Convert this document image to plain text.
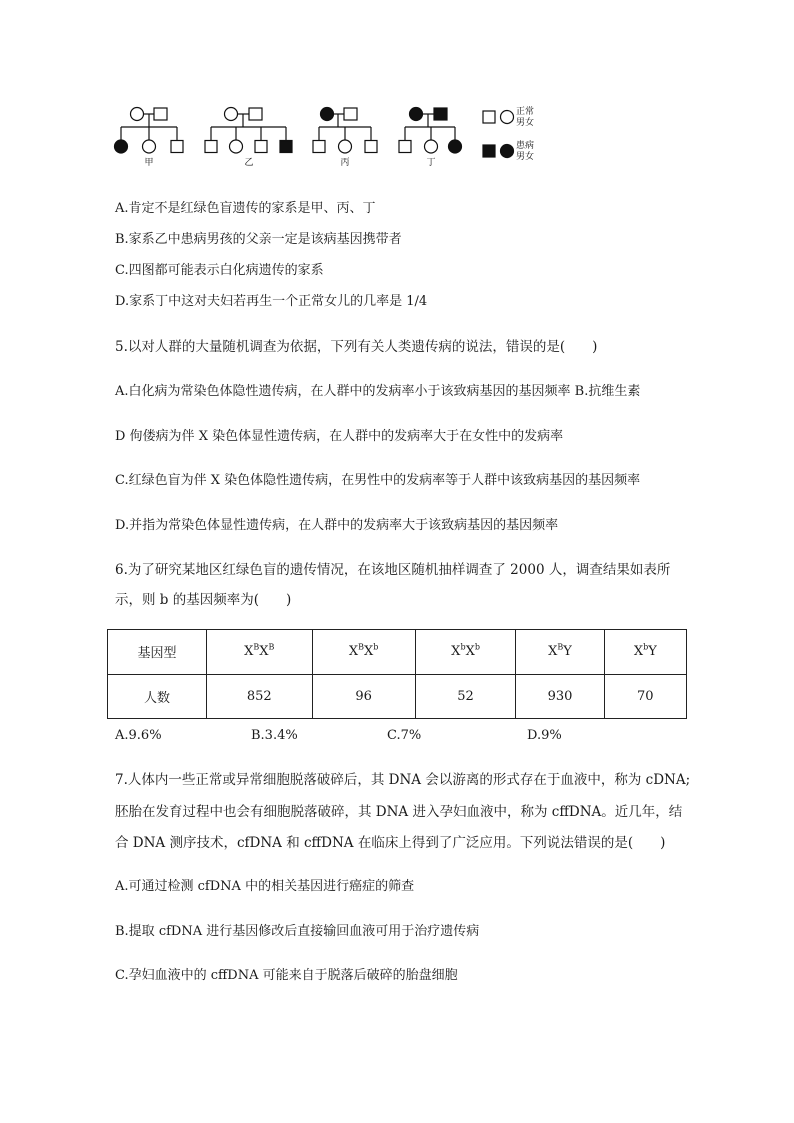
甲	乙	丙	丁
正常
男女
患病
男女
A.肯定不是红绿色盲遗传的家系是甲、丙、丁
B.家系乙中患病男孩的父亲一定是该病基因携带者
C.四图都可能表示白化病遗传的家系
D.家系丁中这对夫妇若再生一个正常女儿的几率是 1/4
5.以对人群的大量随机调查为依据，下列有关人类遗传病的说法，错误的是(　　)
A.白化病为常染色体隐性遗传病，在人群中的发病率小于该致病基因的基因频率 B.抗维生素
D 佝偻病为伴 X 染色体显性遗传病，在人群中的发病率大于在女性中的发病率
C.红绿色盲为伴 X 染色体隐性遗传病，在男性中的发病率等于人群中该致病基因的基因频率
D.并指为常染色体显性遗传病，在人群中的发病率大于该致病基因的基因频率
6.为了研究某地区红绿色盲的遗传情况，在该地区随机抽样调查了 2000 人，调查结果如表所
示，则 b 的基因频率为(　　)
基因型	$X^BX^B$	$X^BX^b$	$X^bX^b$	$X^BY$	$X^bY$
人数	852	96	52	930	70
A.9.6%	B.3.4%	C.7%	D.9%
7.人体内一些正常或异常细胞脱落破碎后，其 DNA 会以游离的形式存在于血液中，称为 cDNA;
胚胎在发育过程中也会有细胞脱落破碎，其 DNA 进入孕妇血液中，称为 cffDNA。近几年，结
合 DNA 测序技术，cfDNA 和 cffDNA 在临床上得到了广泛应用。下列说法错误的是(　　)
A.可通过检测 cfDNA 中的相关基因进行癌症的筛查
B.提取 cfDNA 进行基因修改后直接输回血液可用于治疗遗传病
C.孕妇血液中的 cffDNA 可能来自于脱落后破碎的胎盘细胞
